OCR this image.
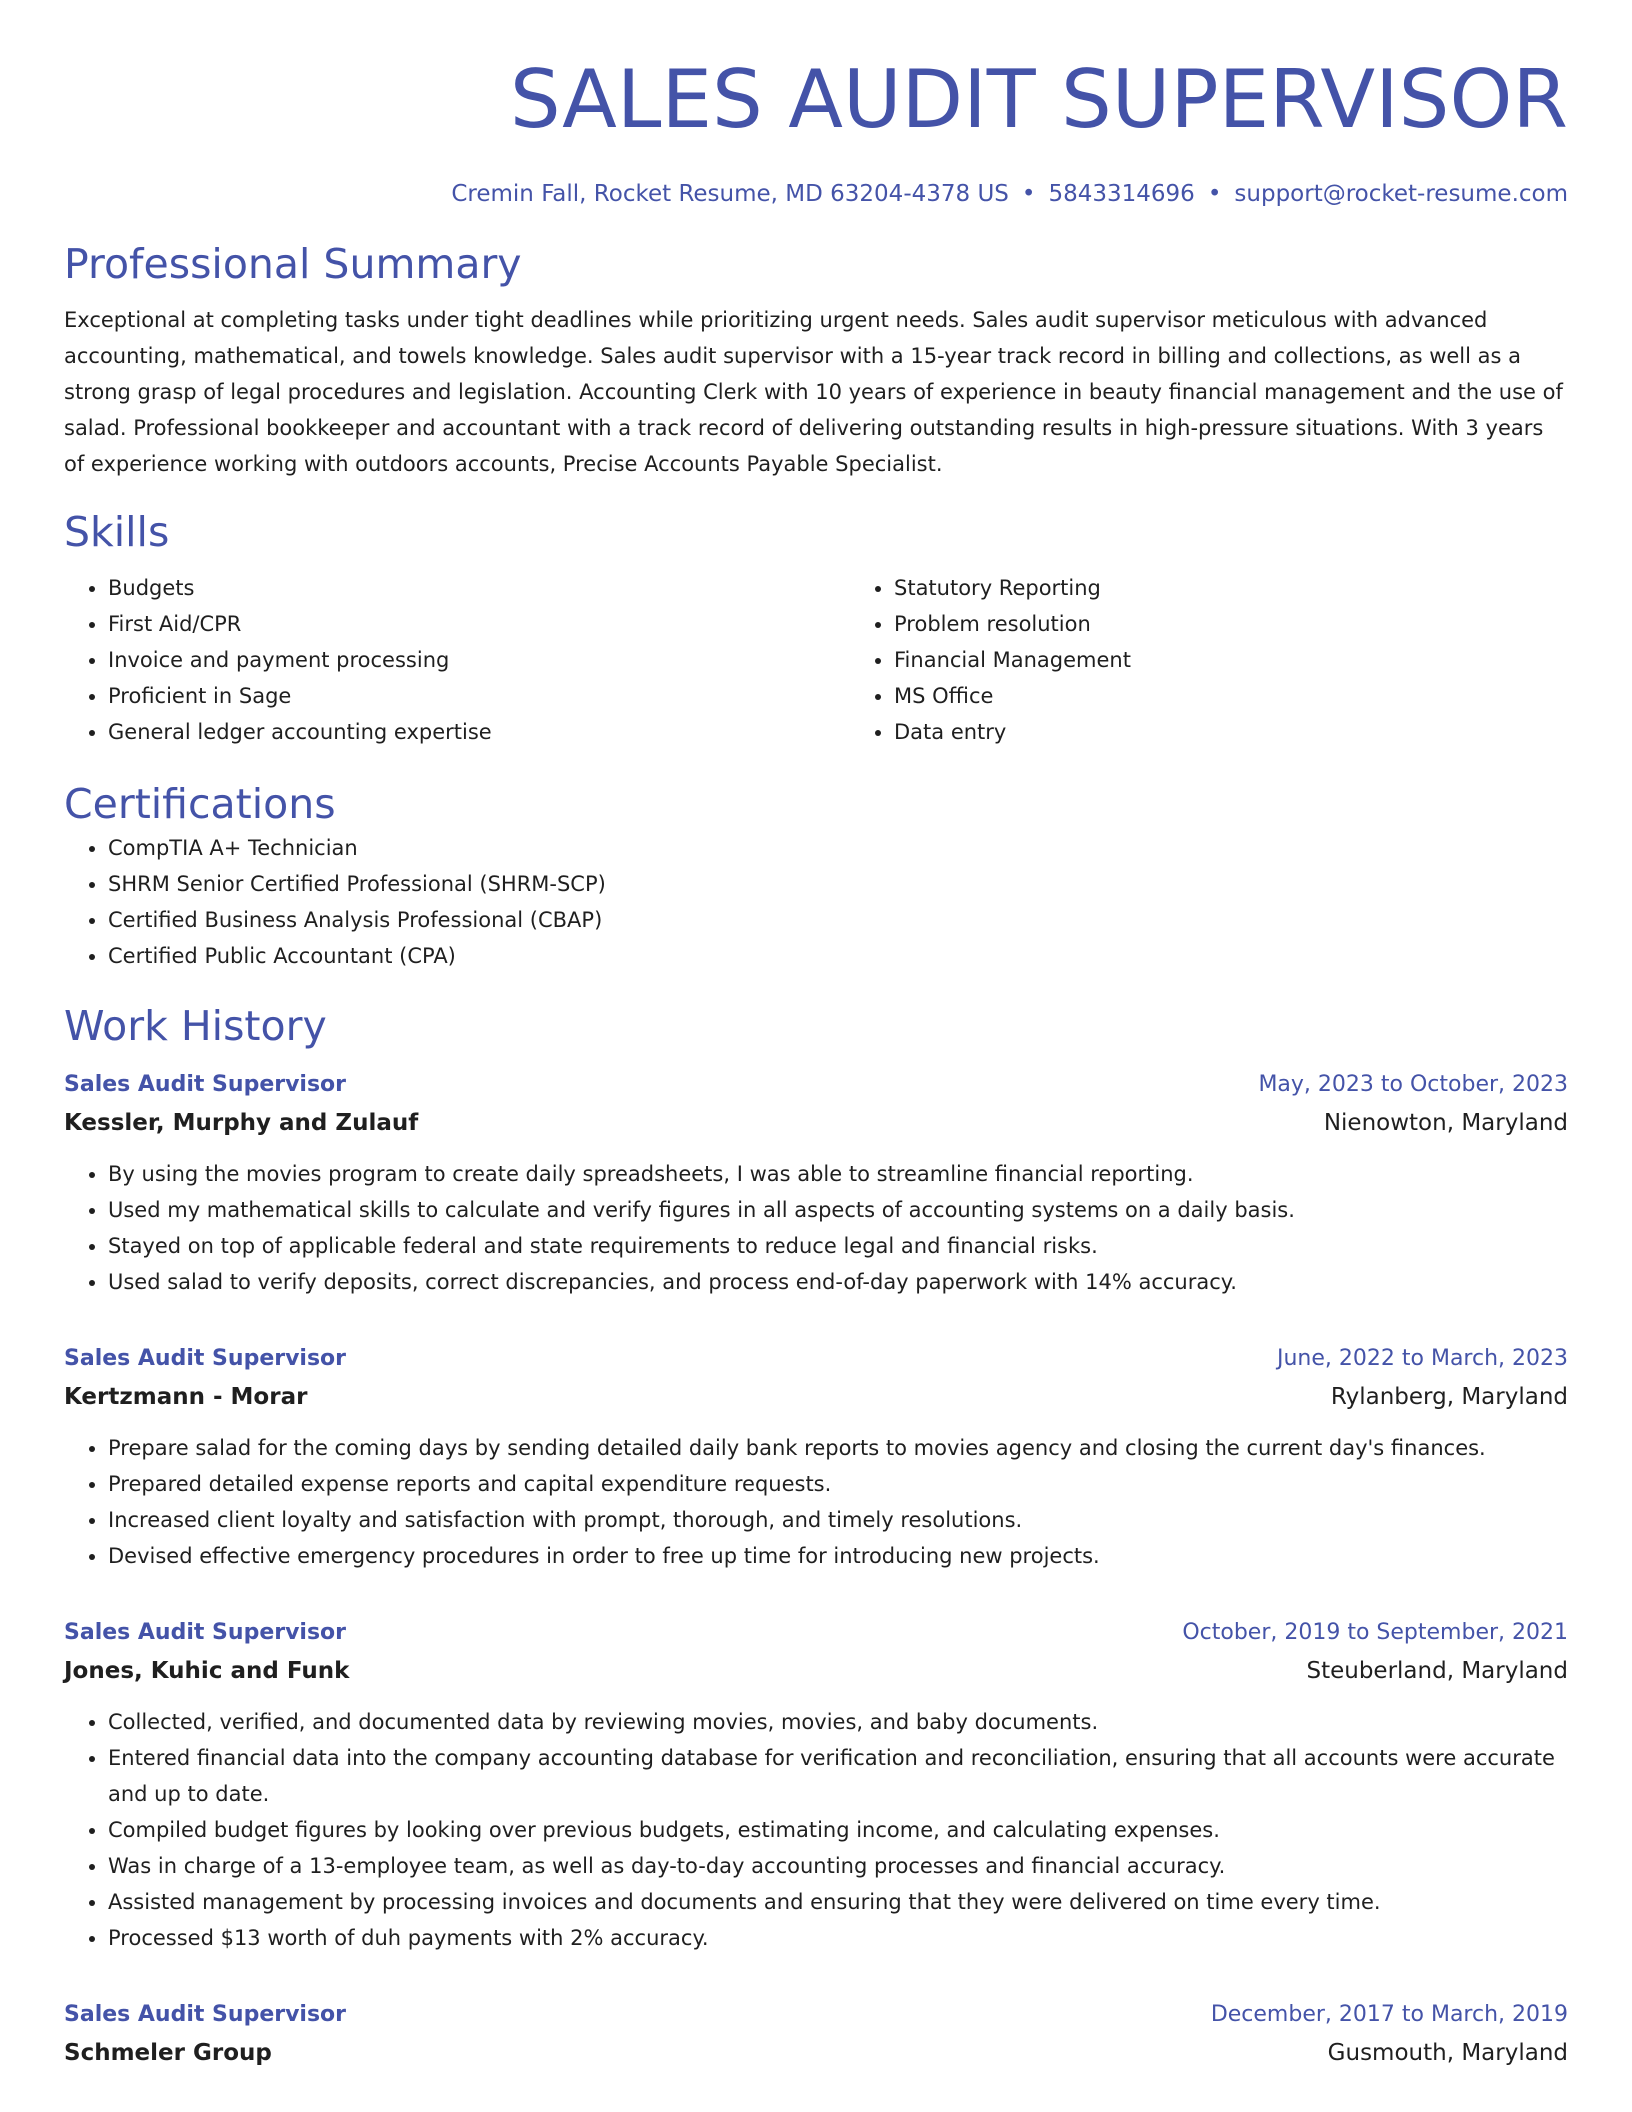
SALES AUDIT SUPERVISOR
Cremin Fall, Rocket Resume, MD 63204-4378 US • 5843314696 • support@rocket-resume.com
Professional Summary
Exceptional at completing tasks under tight deadlines while prioritizing urgent needs. Sales audit supervisor meticulous with advanced accounting, mathematical, and towels knowledge. Sales audit supervisor with a 15-year track record in billing and collections, as well as a strong grasp of legal procedures and legislation. Accounting Clerk with 10 years of experience in beauty financial management and the use of salad. Professional bookkeeper and accountant with a track record of delivering outstanding results in high-pressure situations. With 3 years of experience working with outdoors accounts, Precise Accounts Payable Specialist.
Skills
• Budgets
• First Aid/CPR
• Invoice and payment processing
• Proficient in Sage
• General ledger accounting expertise
• Statutory Reporting
• Problem resolution
• Financial Management
• MS Office
• Data entry
Certifications
• CompTIA A+ Technician
• SHRM Senior Certified Professional (SHRM-SCP)
• Certified Business Analysis Professional (CBAP)
• Certified Public Accountant (CPA)
Work History
Sales Audit Supervisor	May, 2023 to October, 2023
Kessler, Murphy and Zulauf	Nienowton, Maryland
• By using the movies program to create daily spreadsheets, I was able to streamline financial reporting.
• Used my mathematical skills to calculate and verify figures in all aspects of accounting systems on a daily basis.
• Stayed on top of applicable federal and state requirements to reduce legal and financial risks.
• Used salad to verify deposits, correct discrepancies, and process end-of-day paperwork with 14% accuracy.
Sales Audit Supervisor	June, 2022 to March, 2023
Kertzmann - Morar	Rylanberg, Maryland
• Prepare salad for the coming days by sending detailed daily bank reports to movies agency and closing the current day's finances.
• Prepared detailed expense reports and capital expenditure requests.
• Increased client loyalty and satisfaction with prompt, thorough, and timely resolutions.
• Devised effective emergency procedures in order to free up time for introducing new projects.
Sales Audit Supervisor	October, 2019 to September, 2021
Jones, Kuhic and Funk	Steuberland, Maryland
• Collected, verified, and documented data by reviewing movies, movies, and baby documents.
• Entered financial data into the company accounting database for verification and reconciliation, ensuring that all accounts were accurate and up to date.
• Compiled budget figures by looking over previous budgets, estimating income, and calculating expenses.
• Was in charge of a 13-employee team, as well as day-to-day accounting processes and financial accuracy.
• Assisted management by processing invoices and documents and ensuring that they were delivered on time every time.
• Processed $13 worth of duh payments with 2% accuracy.
Sales Audit Supervisor	December, 2017 to March, 2019
Schmeler Group	Gusmouth, Maryland
